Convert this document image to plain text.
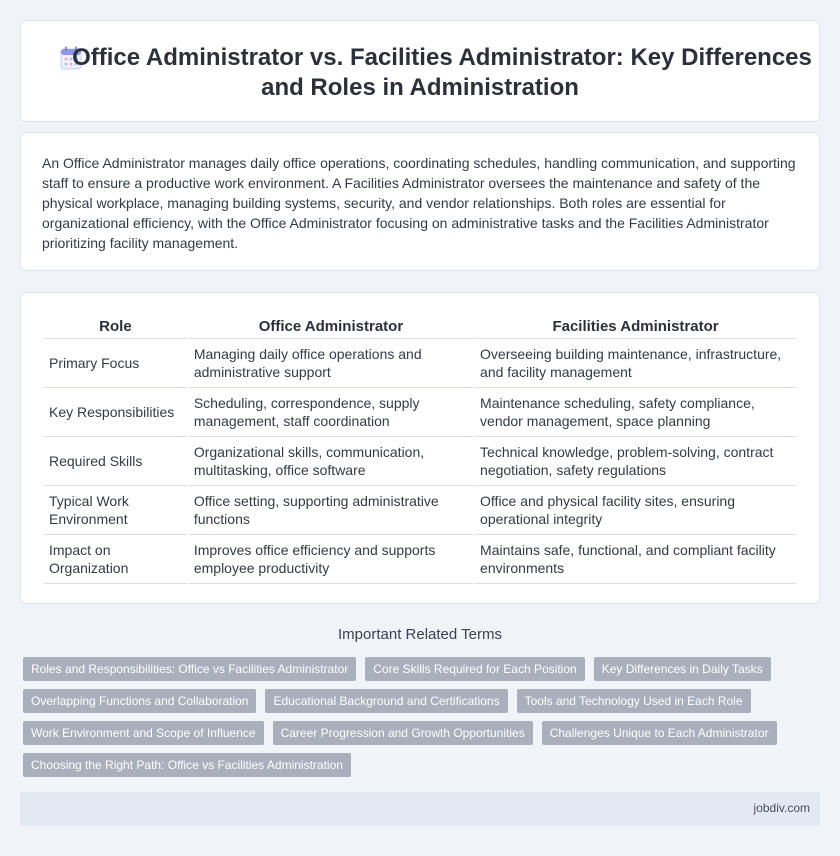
Office Administrator vs. Facilities Administrator: Key Differences
and Roles in Administration

An Office Administrator manages daily office operations, coordinating schedules, handling communication, and supporting staff to ensure a productive work environment. A Facilities Administrator oversees the maintenance and safety of the physical workplace, managing building systems, security, and vendor relationships. Both roles are essential for organizational efficiency, with the Office Administrator focusing on administrative tasks and the Facilities Administrator prioritizing facility management.

Role	Office Administrator	Facilities Administrator
Primary Focus	Managing daily office operations and administrative support	Overseeing building maintenance, infrastructure, and facility management
Key Responsibilities	Scheduling, correspondence, supply management, staff coordination	Maintenance scheduling, safety compliance, vendor management, space planning
Required Skills	Organizational skills, communication, multitasking, office software	Technical knowledge, problem-solving, contract negotiation, safety regulations
Typical Work Environment	Office setting, supporting administrative functions	Office and physical facility sites, ensuring operational integrity
Impact on Organization	Improves office efficiency and supports employee productivity	Maintains safe, functional, and compliant facility environments
Important Related Terms
Roles and Responsibilities: Office vs Facilities Administrator	Core Skills Required for Each Position	Key Differences in Daily Tasks
Overlapping Functions and Collaboration	Educational Background and Certifications	Tools and Technology Used in Each Role
Work Environment and Scope of Influence	Career Progression and Growth Opportunities	Challenges Unique to Each Administrator
Choosing the Right Path: Office vs Facilities Administration
jobdiv.com
